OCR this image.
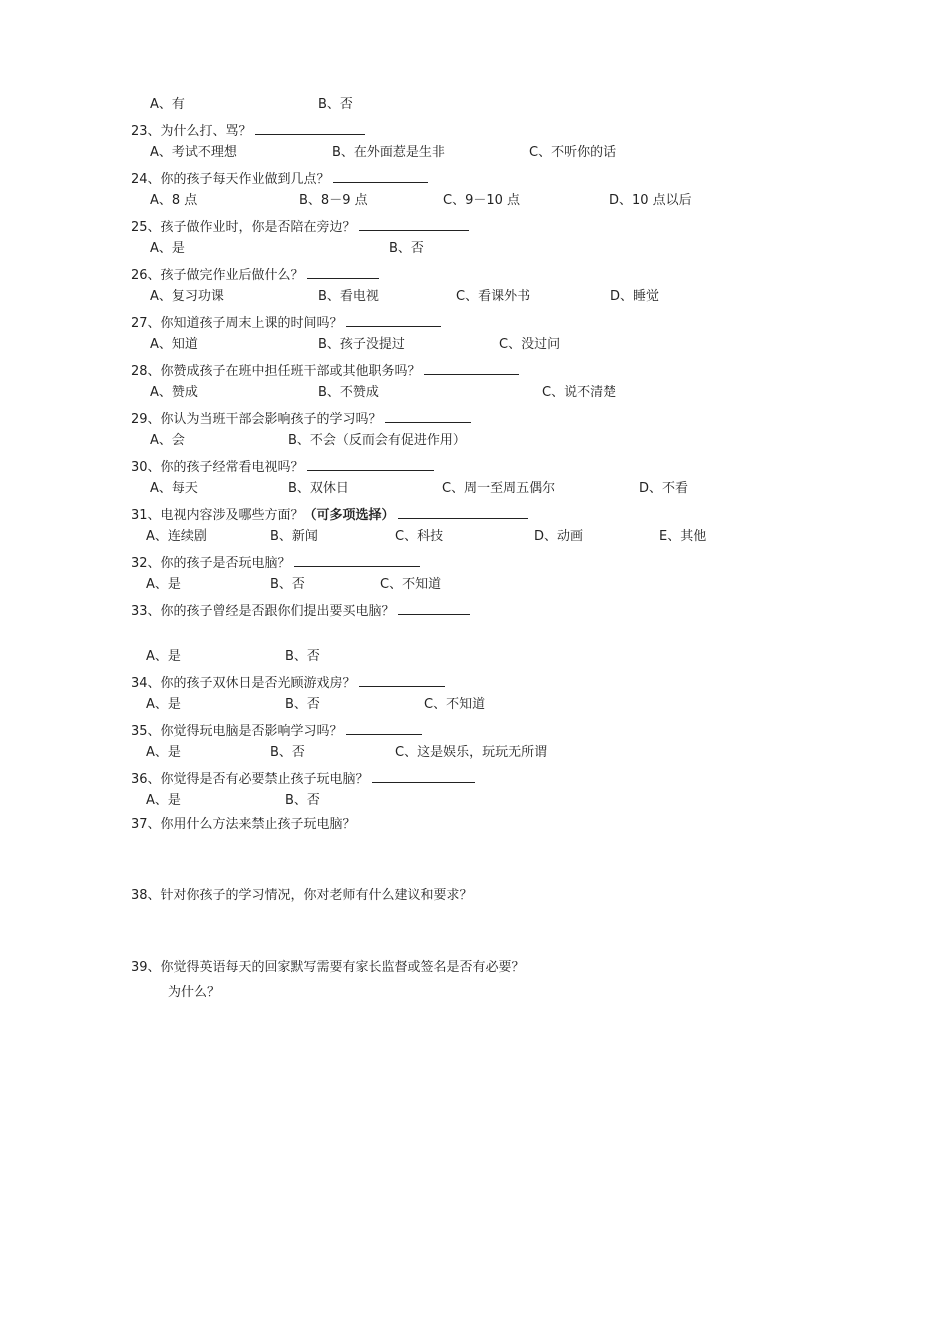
A、有	B、否
23、为什么打、骂？
A、考试不理想	B、在外面惹是生非	C、不听你的话
24、你的孩子每天作业做到几点？
A、8 点	B、8－9 点	C、9－10 点	D、10 点以后
25、孩子做作业时，你是否陪在旁边？
A、是	B、否
26、孩子做完作业后做什么？
A、复习功课	B、看电视	C、看课外书	D、睡觉
27、你知道孩子周末上课的时间吗？
A、知道	B、孩子没提过	C、没过问
28、你赞成孩子在班中担任班干部或其他职务吗？
A、赞成	B、不赞成	C、说不清楚
29、你认为当班干部会影响孩子的学习吗？
A、会	B、不会（反而会有促进作用）
30、你的孩子经常看电视吗？
A、每天	B、双休日	C、周一至周五偶尔	D、不看
31、电视内容涉及哪些方面？（可多项选择）
A、连续剧	B、新闻	C、科技	D、动画	E、其他
32、你的孩子是否玩电脑？
A、是	B、否	C、不知道
33、你的孩子曾经是否跟你们提出要买电脑？
A、是	B、否
34、你的孩子双休日是否光顾游戏房？
A、是	B、否	C、不知道
35、你觉得玩电脑是否影响学习吗？
A、是	B、否	C、这是娱乐，玩玩无所谓
36、你觉得是否有必要禁止孩子玩电脑？
A、是	B、否
37、你用什么方法来禁止孩子玩电脑？
38、针对你孩子的学习情况，你对老师有什么建议和要求？
39、你觉得英语每天的回家默写需要有家长监督或签名是否有必要？
为什么？
